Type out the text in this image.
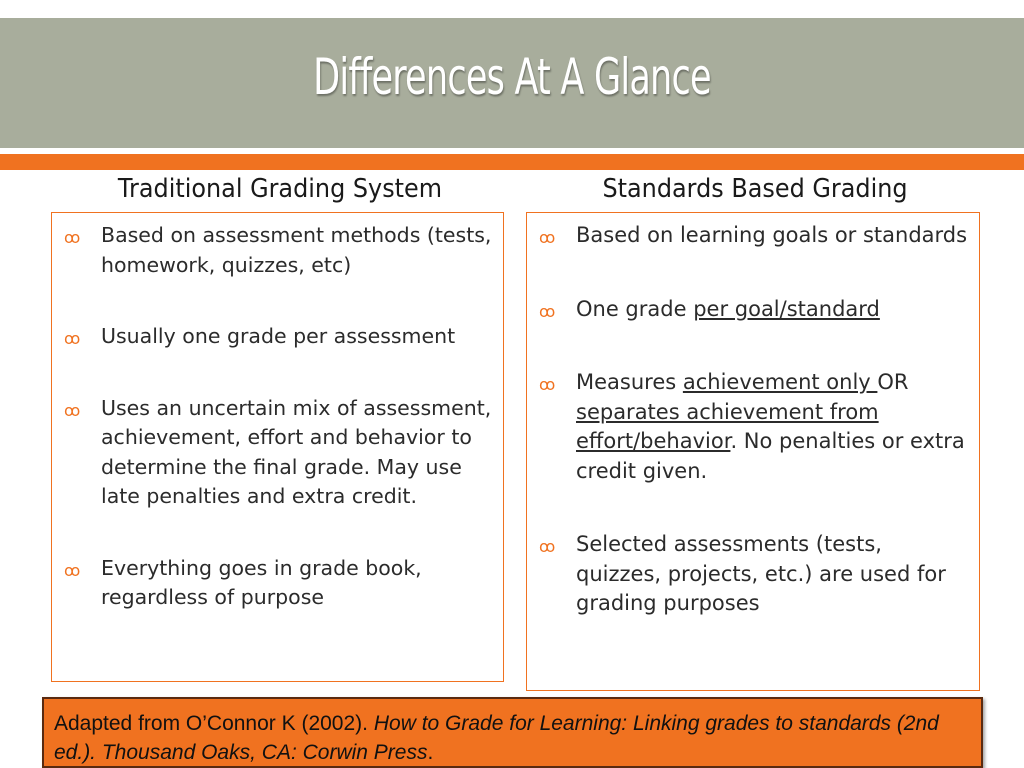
Differences At A Glance
Traditional Grading System	Standards Based Grading
ꝏ	Based on assessment methods (tests, homework, quizzes, etc)
ꝏ	Usually one grade per assessment
ꝏ	Uses an uncertain mix of assessment, achievement, effort and behavior to determine the final grade. May use late penalties and extra credit.
ꝏ	Everything goes in grade book, regardless of purpose
ꝏ Based on learning goals or standards
ꝏ One grade per goal/standard
ꝏ Measures achievement only OR separates achievement from effort/behavior. No penalties or extra credit given.
ꝏ Selected assessments (tests, quizzes, projects, etc.) are used for grading purposes
Adapted from O’Connor K (2002). How to Grade for Learning: Linking grades to standards (2nd ed.). Thousand Oaks, CA: Corwin Press.
